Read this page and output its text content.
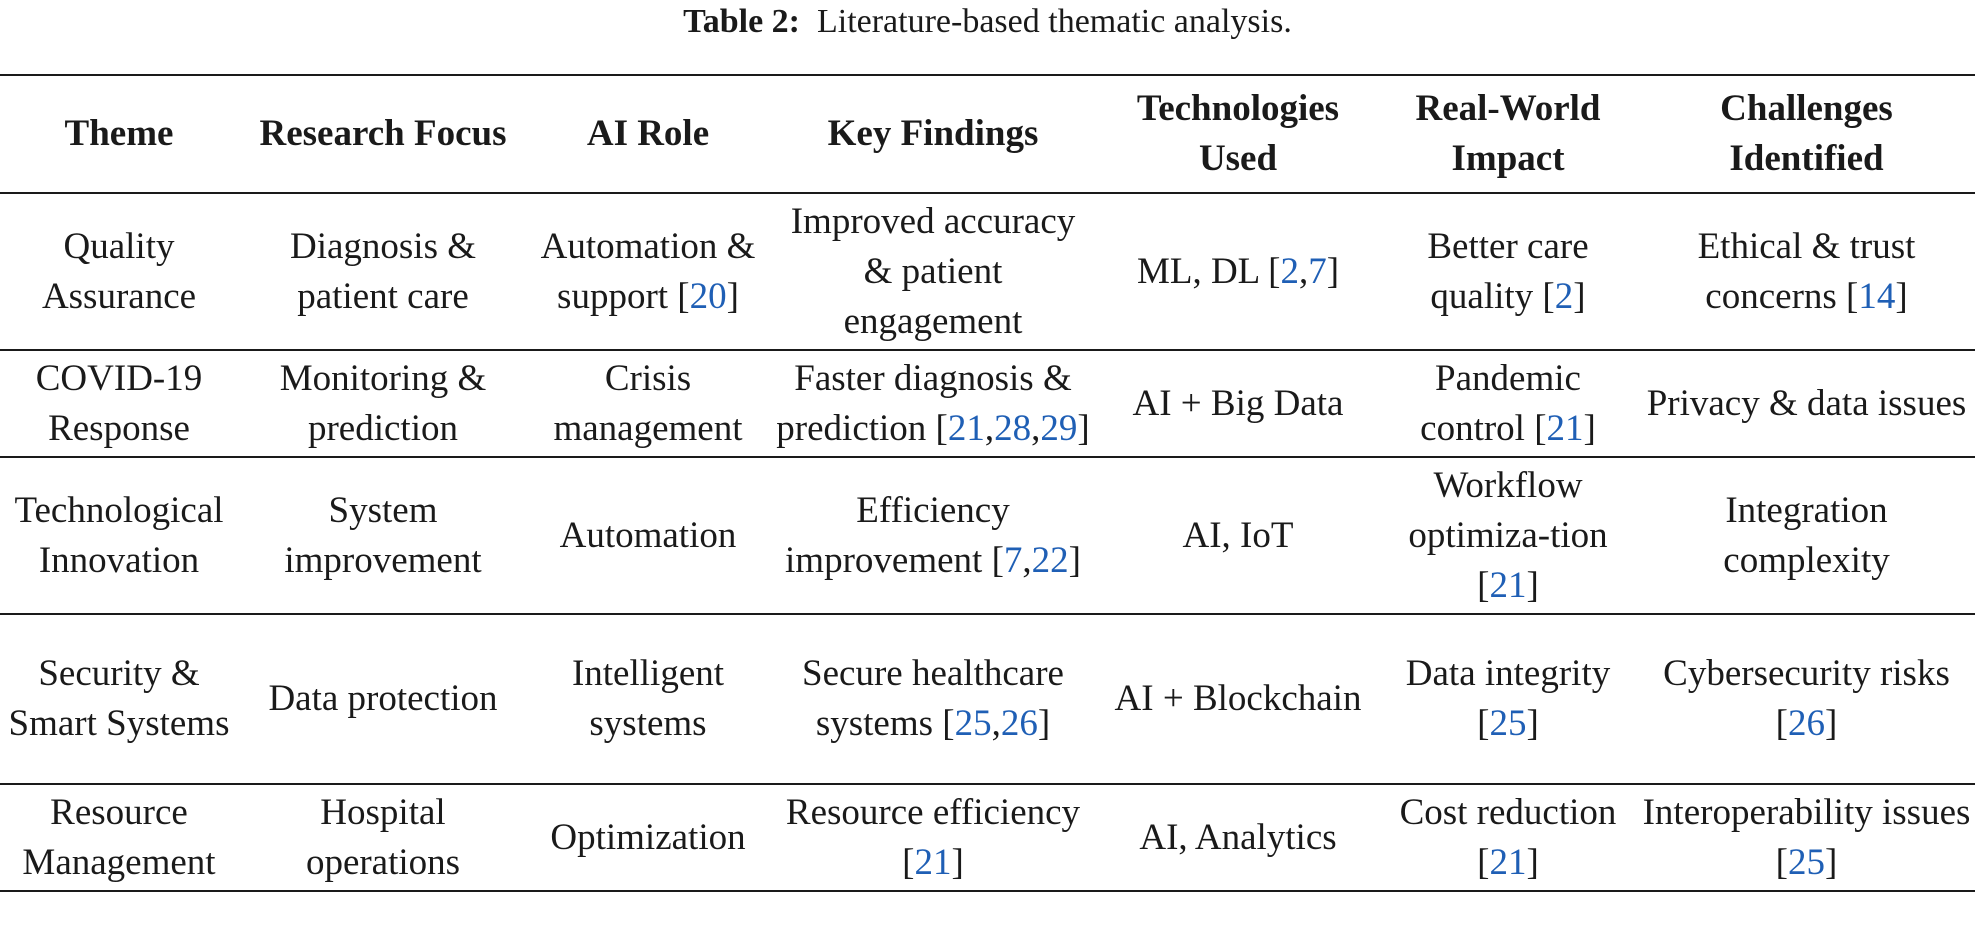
Table 2: Literature-based thematic analysis.
Theme	Research Focus	AI Role	Key Findings	Technologies Used	Real-World Impact	Challenges Identified
Quality Assurance	Diagnosis & patient care	Automation & support [20]	Improved accuracy & patient engagement	ML, DL [2,7]	Better care quality [2]	Ethical & trust concerns [14]
COVID-19 Response	Monitoring & prediction	Crisis management	Faster diagnosis & prediction [21,28,29]	AI + Big Data	Pandemic control [21]	Privacy & data issues
Technological Innovation	System improvement	Automation	Efficiency improvement [7,22]	AI, IoT	Workflow optimiza-tion [21]	Integration complexity
Security & Smart Systems	Data protection	Intelligent systems	Secure healthcare systems [25,26]	AI + Blockchain	Data integrity [25]	Cybersecurity risks [26]
Resource Management	Hospital operations	Optimization	Resource efficiency [21]	AI, Analytics	Cost reduction [21]	Interoperability issues [25]
